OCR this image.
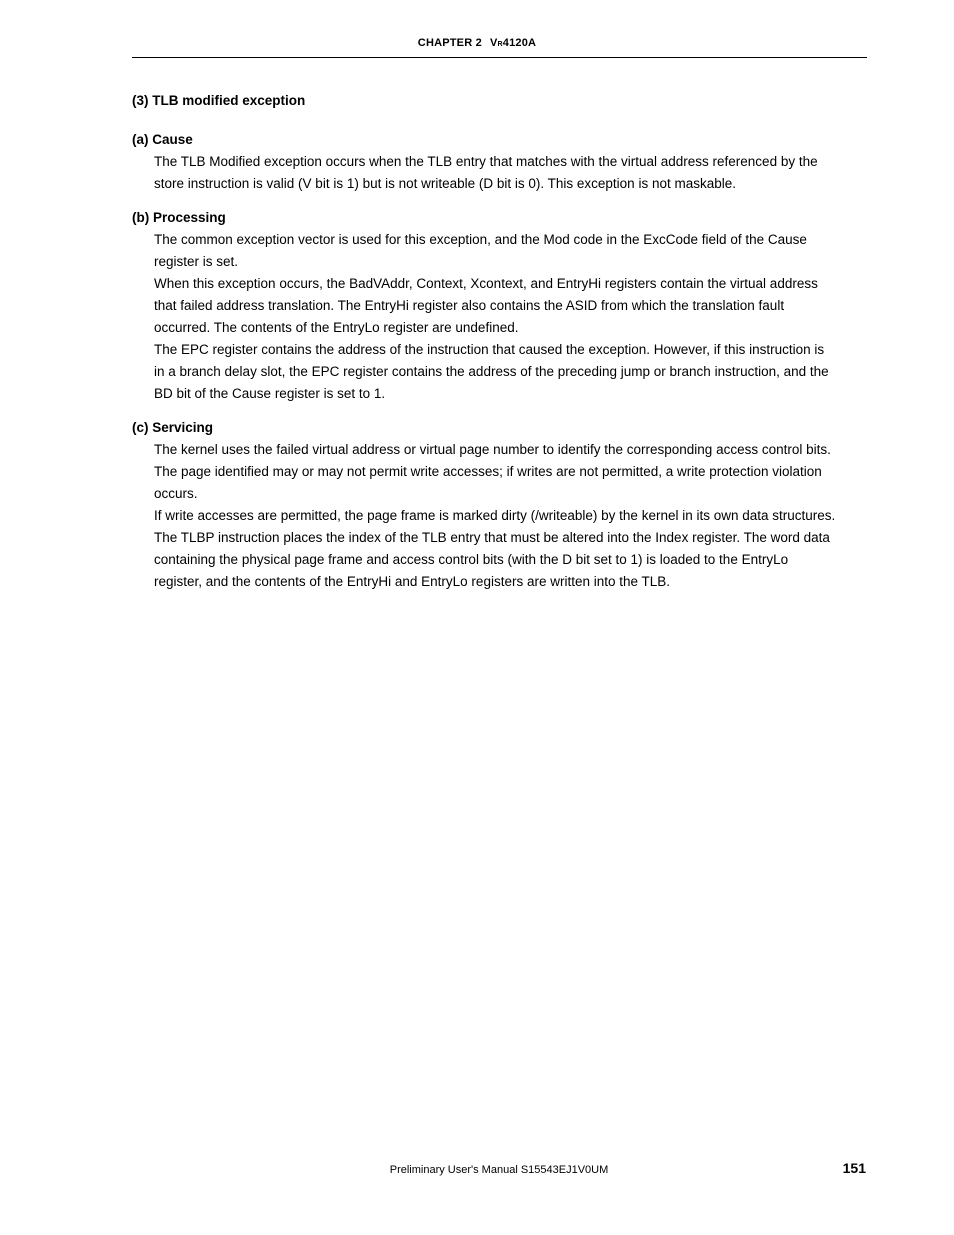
CHAPTER 2 VR4120A
(3) TLB modified exception
(a) Cause
The TLB Modified exception occurs when the TLB entry that matches with the virtual address referenced by the
store instruction is valid (V bit is 1) but is not writeable (D bit is 0). This exception is not maskable.
(b) Processing
The common exception vector is used for this exception, and the Mod code in the ExcCode field of the Cause
register is set.
When this exception occurs, the BadVAddr, Context, Xcontext, and EntryHi registers contain the virtual address
that failed address translation. The EntryHi register also contains the ASID from which the translation fault
occurred. The contents of the EntryLo register are undefined.
The EPC register contains the address of the instruction that caused the exception. However, if this instruction is
in a branch delay slot, the EPC register contains the address of the preceding jump or branch instruction, and the
BD bit of the Cause register is set to 1.
(c) Servicing
The kernel uses the failed virtual address or virtual page number to identify the corresponding access control bits.
The page identified may or may not permit write accesses; if writes are not permitted, a write protection violation
occurs.
If write accesses are permitted, the page frame is marked dirty (/writeable) by the kernel in its own data structures.
The TLBP instruction places the index of the TLB entry that must be altered into the Index register. The word data
containing the physical page frame and access control bits (with the D bit set to 1) is loaded to the EntryLo
register, and the contents of the EntryHi and EntryLo registers are written into the TLB.
Preliminary User's Manual S15543EJ1V0UM	151
